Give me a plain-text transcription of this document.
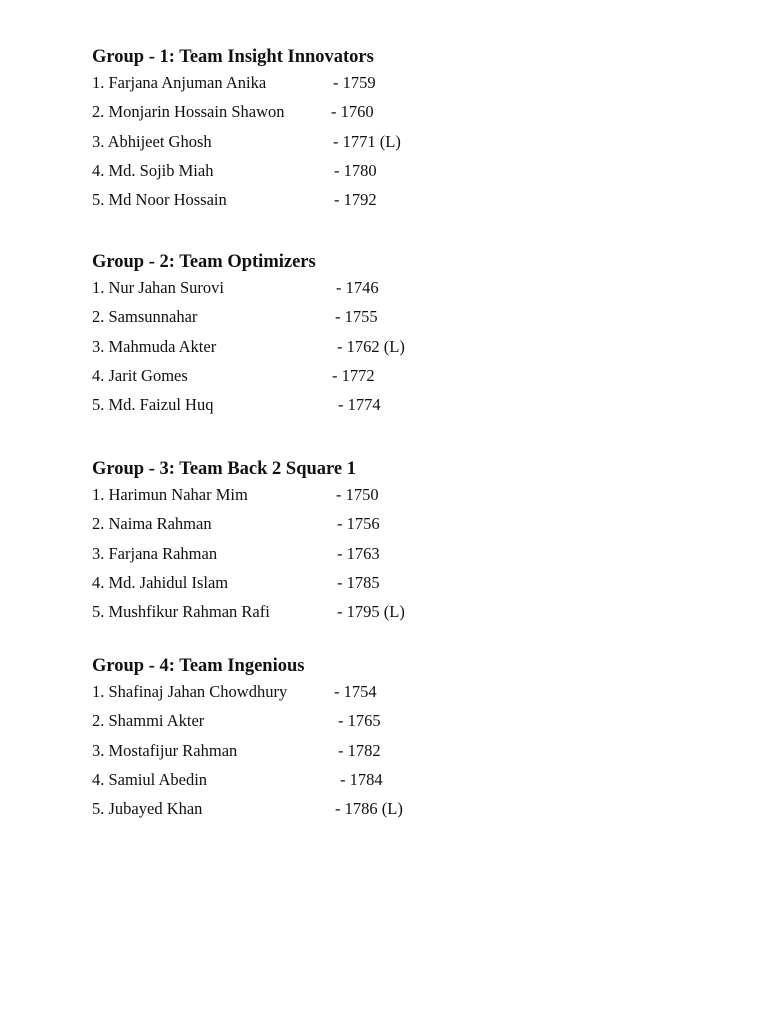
Group - 1: Team Insight Innovators
1. Farjana Anjuman Anika	- 1759
2. Monjarin Hossain Shawon	- 1760
3. Abhijeet Ghosh	- 1771 (L)
4. Md. Sojib Miah	- 1780
5. Md Noor Hossain	- 1792
Group - 2: Team Optimizers
1. Nur Jahan Surovi	- 1746
2. Samsunnahar	- 1755
3. Mahmuda Akter	- 1762 (L)
4. Jarit Gomes	- 1772
5. Md. Faizul Huq	- 1774
Group - 3: Team Back 2 Square 1
1. Harimun Nahar Mim	- 1750
2. Naima Rahman	- 1756
3. Farjana Rahman	- 1763
4. Md. Jahidul Islam	- 1785
5. Mushfikur Rahman Rafi	- 1795 (L)
Group - 4: Team Ingenious
1. Shafinaj Jahan Chowdhury	- 1754
2. Shammi Akter	- 1765
3. Mostafijur Rahman	- 1782
4. Samiul Abedin	- 1784
5. Jubayed Khan	- 1786 (L)
